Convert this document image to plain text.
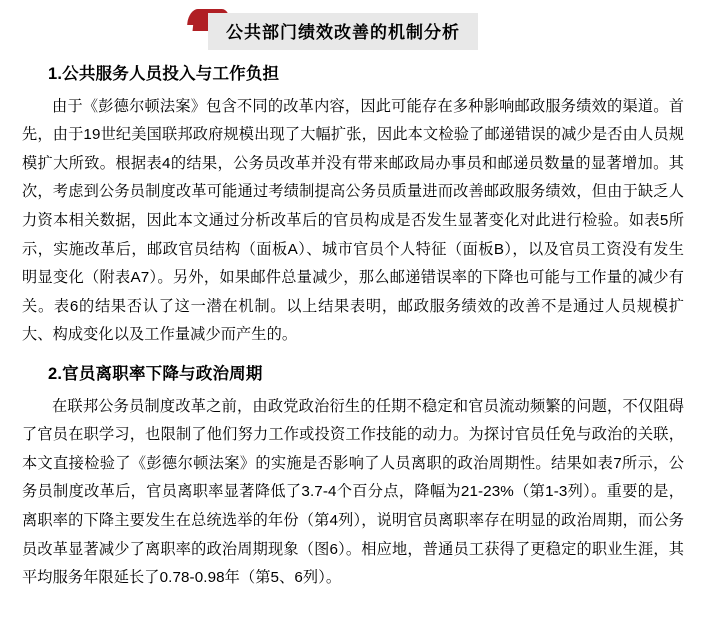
公共部门绩效改善的机制分析
1.公共服务人员投入与工作负担

由于《彭德尔顿法案》包含不同的改革内容，因此可能存在多种影响邮政服务绩效的渠道。首先，由于19世纪美国联邦政府规模出现了大幅扩张，因此本文检验了邮递错误的减少是否由人员规模扩大所致。根据表4的结果，公务员改革并没有带来邮政局办事员和邮递员数量的显著增加。其次，考虑到公务员制度改革可能通过考绩制提高公务员质量进而改善邮政服务绩效，但由于缺乏人力资本相关数据，因此本文通过分析改革后的官员构成是否发生显著变化对此进行检验。如表5所示，实施改革后，邮政官员结构（面板A）、城市官员个人特征（面板B），以及官员工资没有发生明显变化（附表A7）。另外，如果邮件总量减少，那么邮递错误率的下降也可能与工作量的减少有关。表6的结果否认了这一潜在机制。以上结果表明，邮政服务绩效的改善不是通过人员规模扩大、构成变化以及工作量减少而产生的。

2.官员离职率下降与政治周期

在联邦公务员制度改革之前，由政党政治衍生的任期不稳定和官员流动频繁的问题，不仅阻碍了官员在职学习，也限制了他们努力工作或投资工作技能的动力。为探讨官员任免与政治的关联，本文直接检验了《彭德尔顿法案》的实施是否影响了人员离职的政治周期性。结果如表7所示，公务员制度改革后，官员离职率显著降低了3.7-4个百分点，降幅为21-23%（第1-3列）。重要的是，离职率的下降主要发生在总统选举的年份（第4列），说明官员离职率存在明显的政治周期，而公务员改革显著减少了离职率的政治周期现象（图6）。相应地，普通员工获得了更稳定的职业生涯，其平均服务年限延长了0.78-0.98年（第5、6列）。
